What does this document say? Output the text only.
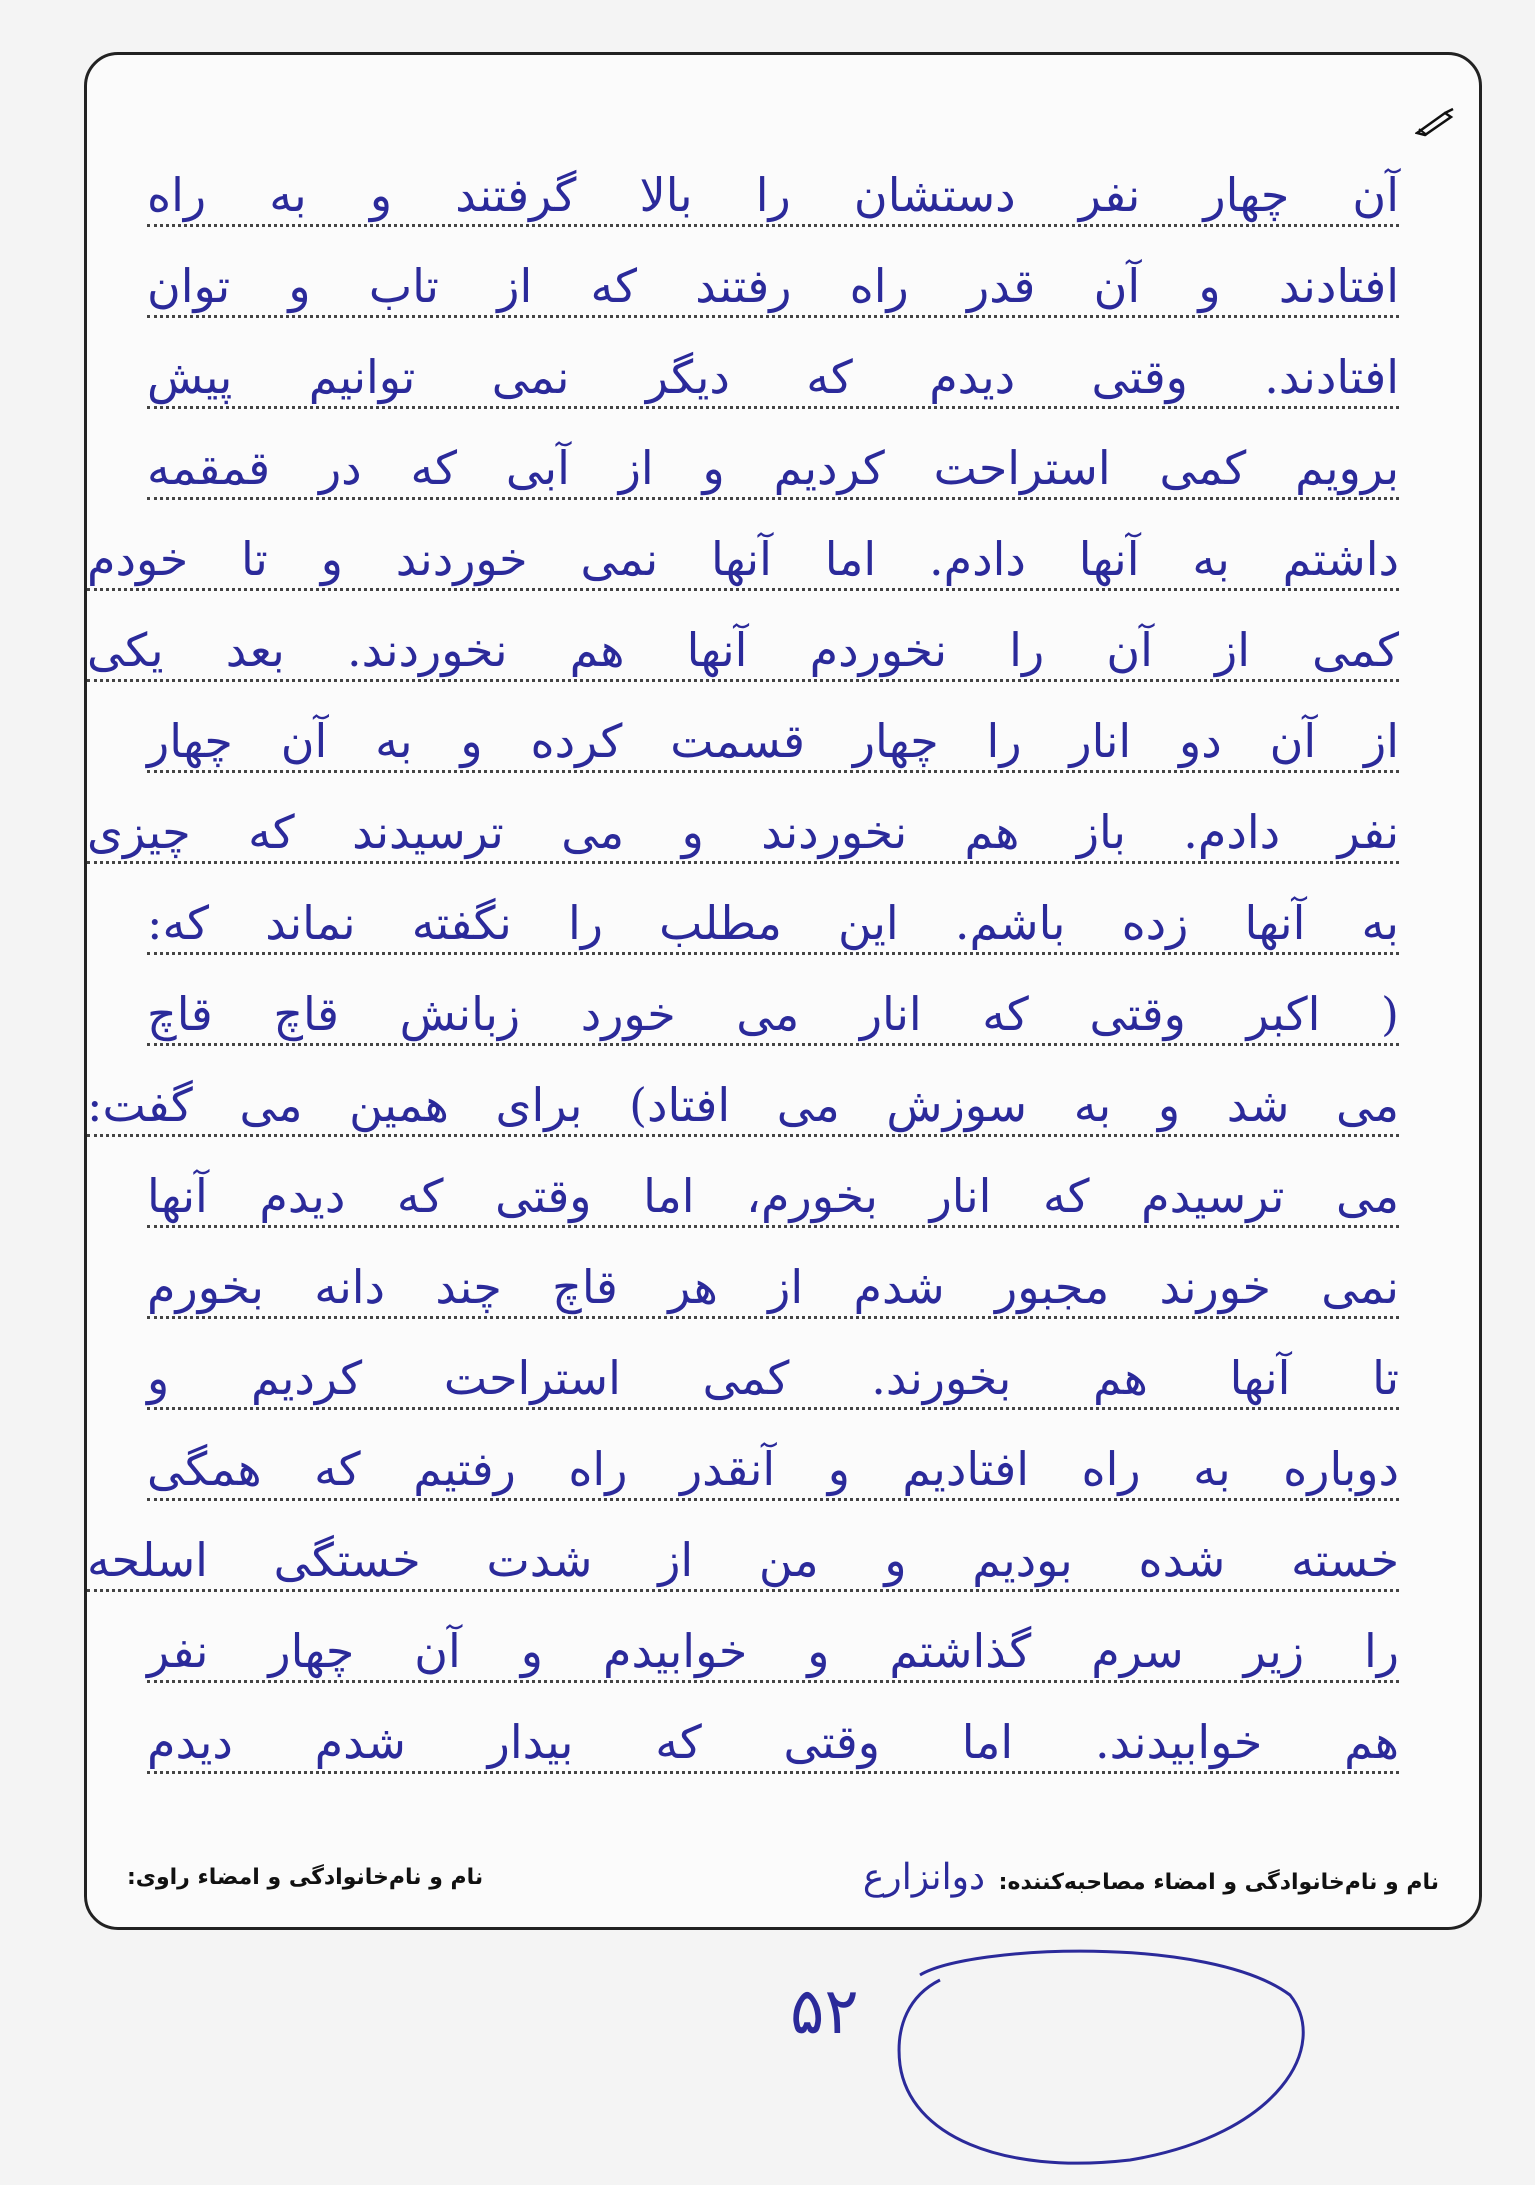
آن چهار نفر دستشان را بالا گرفتند و به راه
افتادند و آن قدر راه رفتند که از تاب و توان
افتادند. وقتی دیدم که دیگر نمی توانیم پیش
برویم کمی استراحت کردیم و از آبی که در قمقمه
داشتم به آنها دادم. اما آنها نمی خوردند و تا خودم
کمی از آن را نخوردم آنها هم نخوردند. بعد یکی
از آن دو انار را چهار قسمت کرده و به آن چهار
نفر دادم. باز هم نخوردند و می ترسیدند که چیزی
به آنها زده باشم. این مطلب را نگفته نماند که:
( اکبر وقتی که انار می خورد زبانش قاچ قاچ
می شد و به سوزش می افتاد) برای همین می گفت:
می ترسیدم که انار بخورم، اما وقتی که دیدم آنها
نمی خورند مجبور شدم از هر قاچ چند دانه بخورم
تا آنها هم بخورند. کمی استراحت کردیم و
دوباره به راه افتادیم و آنقدر راه رفتیم که همگی
خسته شده بودیم و من از شدت خستگی اسلحه
را زیر سرم گذاشتم و خوابیدم و آن چهار نفر
هم خوابیدند. اما وقتی که بیدار شدم دیدم
نام و نام‌خانوادگی و امضاء مصاحبه‌کننده: دوانزارع
نام و نام‌خانوادگی و امضاء راوی:
۵۲
